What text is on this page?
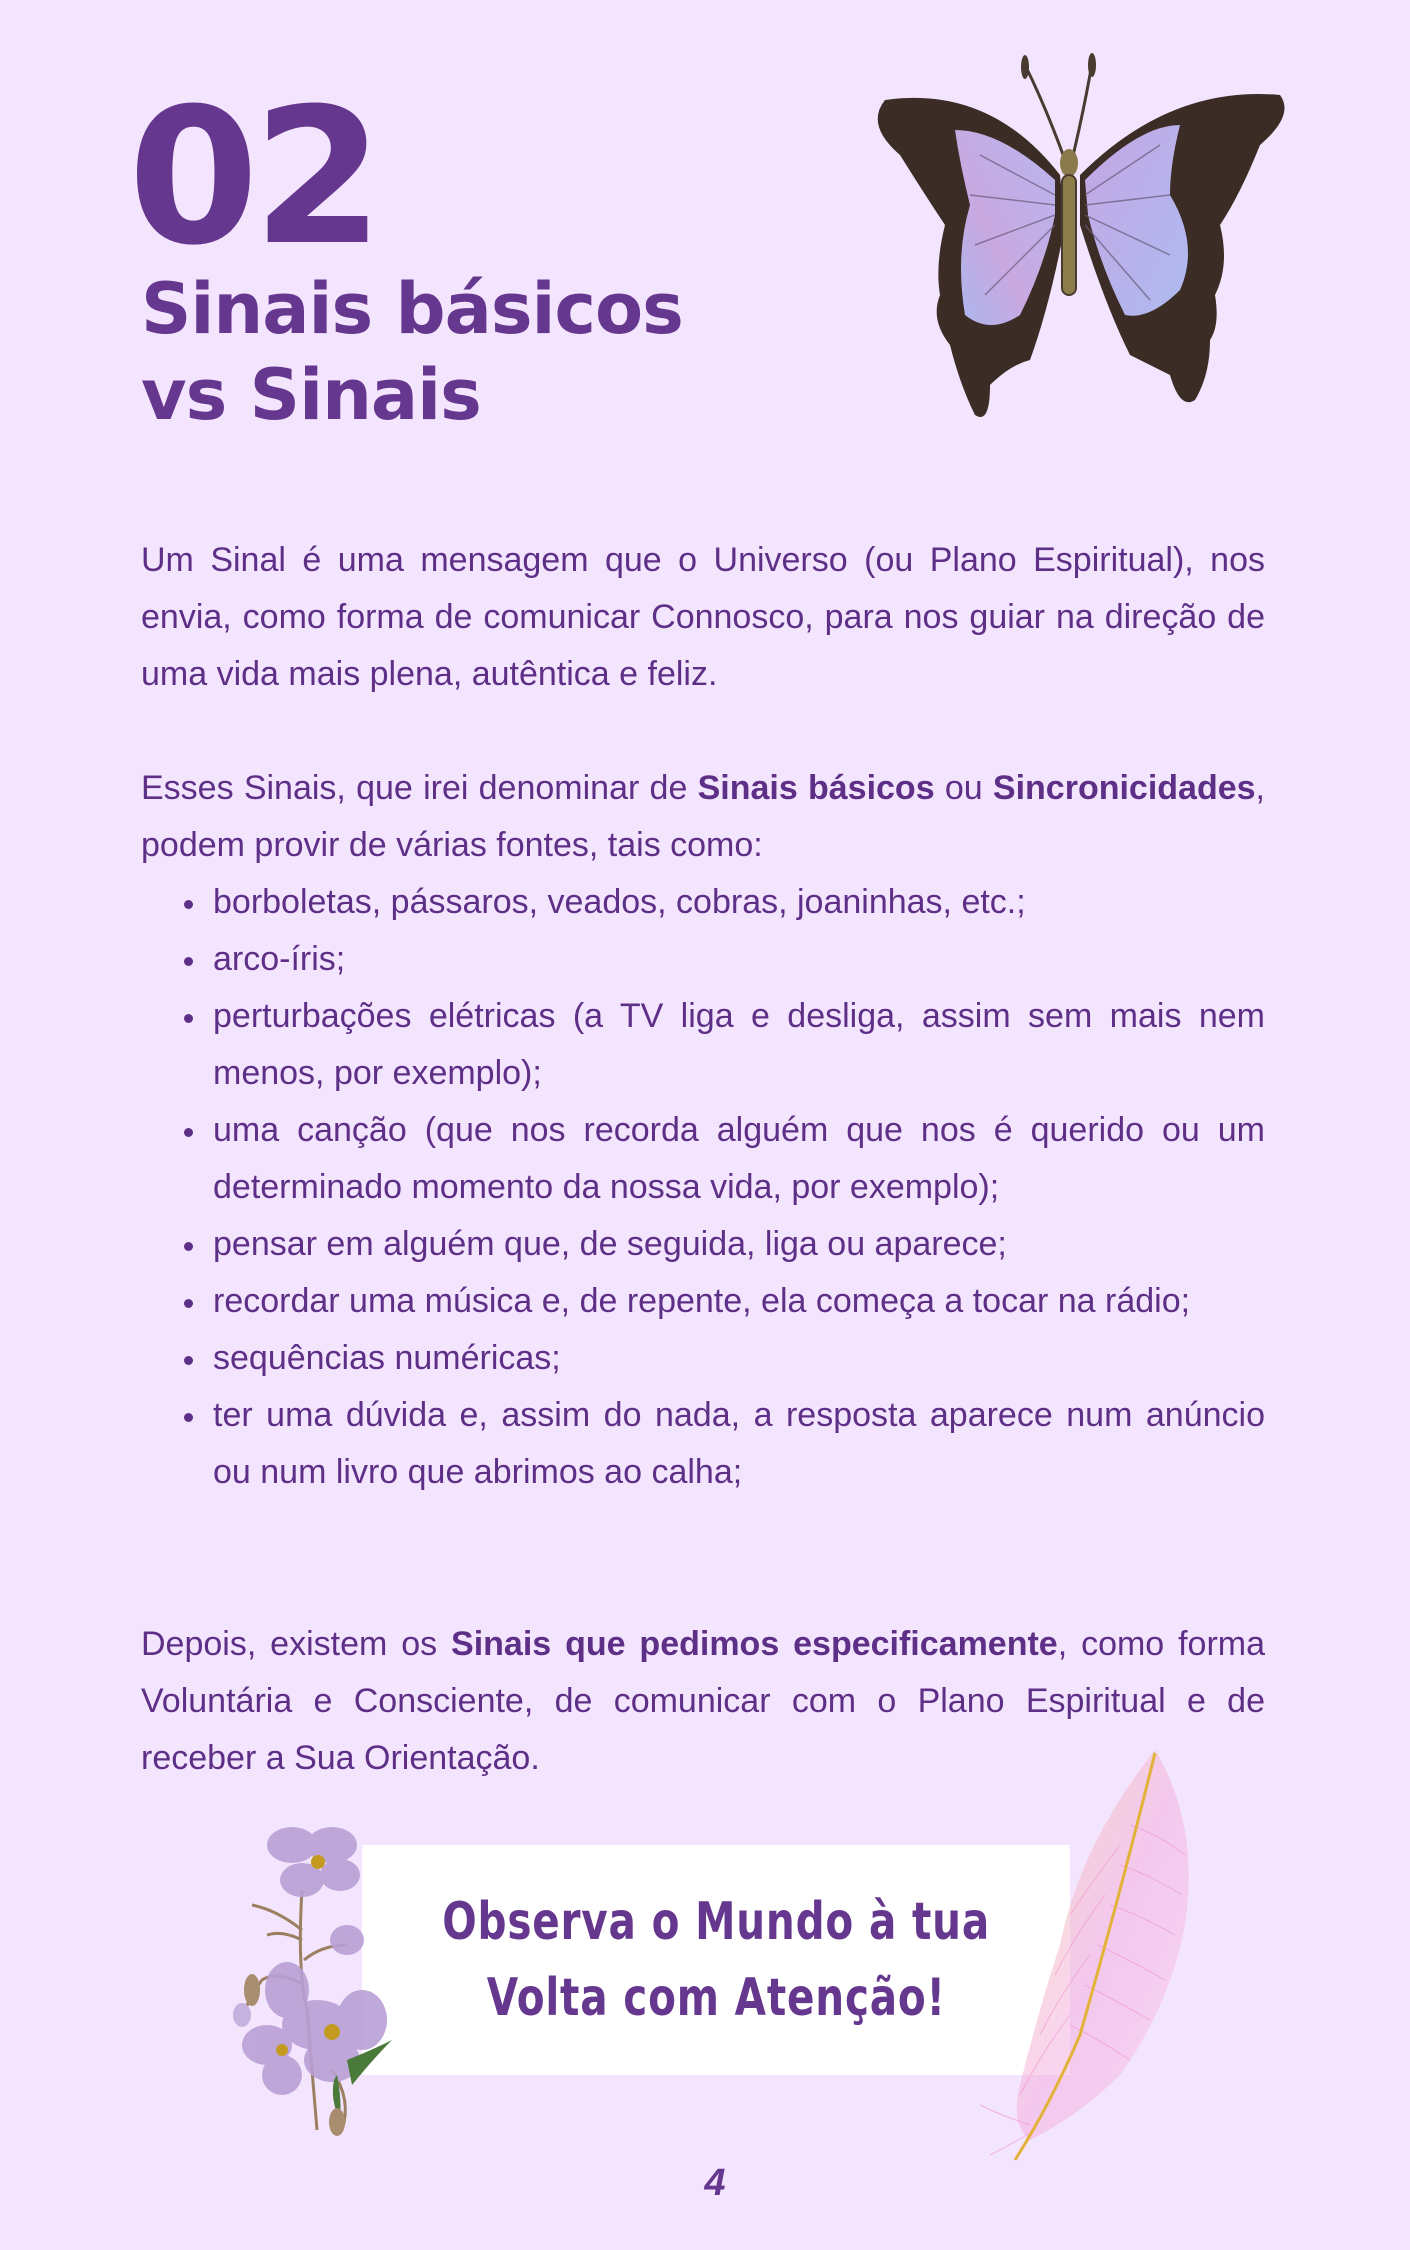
02
Sinais básicos
vs Sinais

Um Sinal é uma mensagem que o Universo (ou Plano Espiritual), nos envia, como forma de comunicar Connosco, para nos guiar na direção de uma vida mais plena, autêntica e feliz.

Esses Sinais, que irei denominar de Sinais básicos ou Sincronicidades, podem provir de várias fontes, tais como:

borboletas, pássaros, veados, cobras, joaninhas, etc.;
arco-íris;
perturbações elétricas (a TV liga e desliga, assim sem mais nem menos, por exemplo);
uma canção (que nos recorda alguém que nos é querido ou um determinado momento da nossa vida, por exemplo);
pensar em alguém que, de seguida, liga ou aparece;
recordar uma música e, de repente, ela começa a tocar na rádio;
sequências numéricas;
ter uma dúvida e, assim do nada, a resposta aparece num anúncio ou num livro que abrimos ao calha;

Depois, existem os Sinais que pedimos especificamente, como forma Voluntária e Consciente, de comunicar com o Plano Espiritual e de receber a Sua Orientação.

Observa o Mundo à tua
Volta com Atenção!
4
